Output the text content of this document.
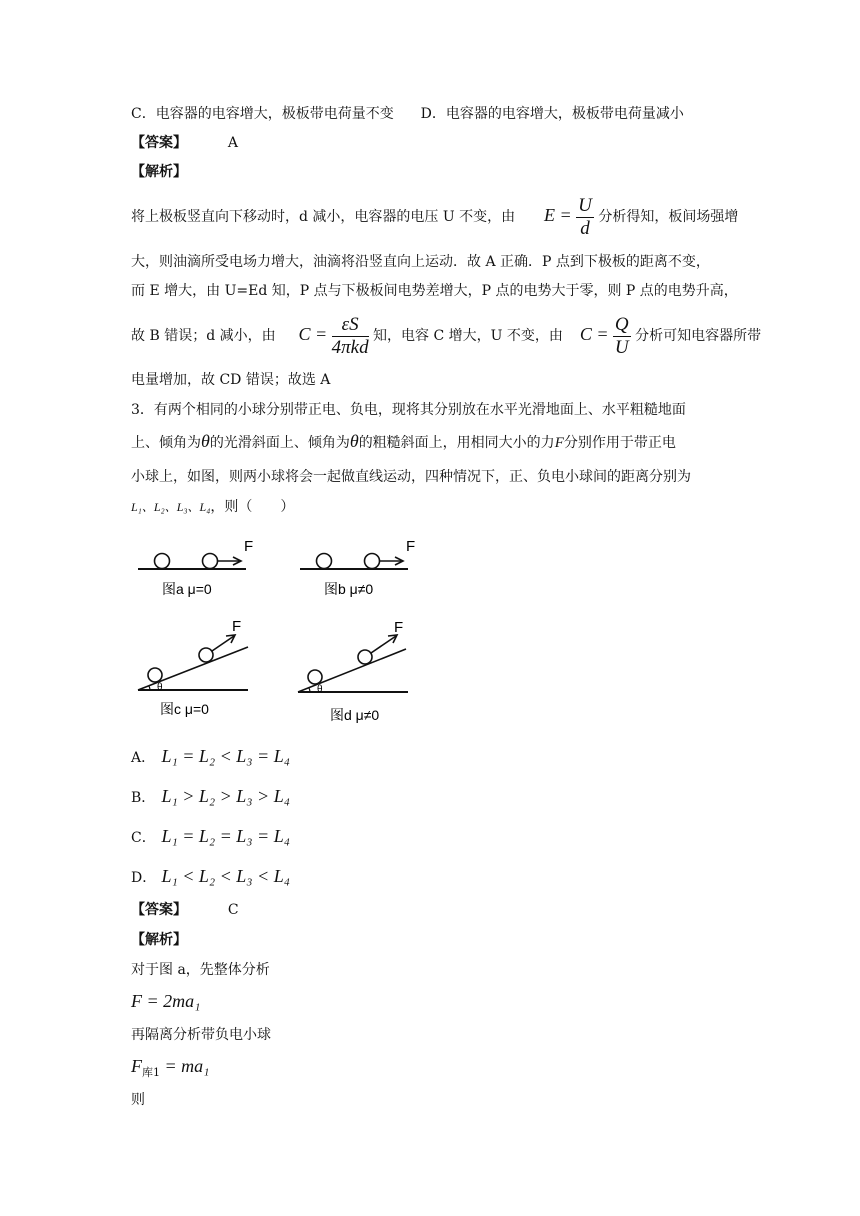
C．电容器的电容增大，极板带电荷量不变 D．电容器的电容增大，极板带电荷量减小
【答案】	A
【解析】
将上极板竖直向下移动时，d 减小，电容器的电压 U 不变，由 $E = \frac{U}{d}$ 分析得知，板间场强增
大，则油滴所受电场力增大，油滴将沿竖直向上运动．故 A 正确．P 点到下极板的距离不变，
而 E 增大，由 U=Ed 知，P 点与下极板间电势差增大，P 点的电势大于零，则 P 点的电势升高，
故 B 错误；d 减小，由 $C = \frac{\varepsilon S}{\text{4πkd}}$ 知，电容 C 增大，U 不变，由 $C = \frac{Q}{U}$ 分析可知电容器所带
电量增加，故 CD 错误；故选 A
3．有两个相同的小球分别带正电、负电，现将其分别放在水平光滑地面上、水平粗糙地面
上、倾角为θ的光滑斜面上、倾角为θ的粗糙斜面上，用相同大小的力F分别作用于带正电
小球上，如图，则两小球将会一起做直线运动，四种情况下，正、负电小球间的距离分别为
L₁、L₂、L₃、L₄，则（　　）
F
图a μ=0
F
图b μ≠0
θ
F
图c μ=0
θ
F
图d μ≠0
A． L₁ = L₂ < L₃ = L₄
B． L₁ > L₂ > L₃ > L₄
C． L₁ = L₂ = L₃ = L₄
D． L₁ < L₂ < L₃ < L₄
【答案】	C
【解析】
对于图 a，先整体分析
F = 2ma₁
再隔离分析带负电小球
$F_{库1} = ma_1$
则
